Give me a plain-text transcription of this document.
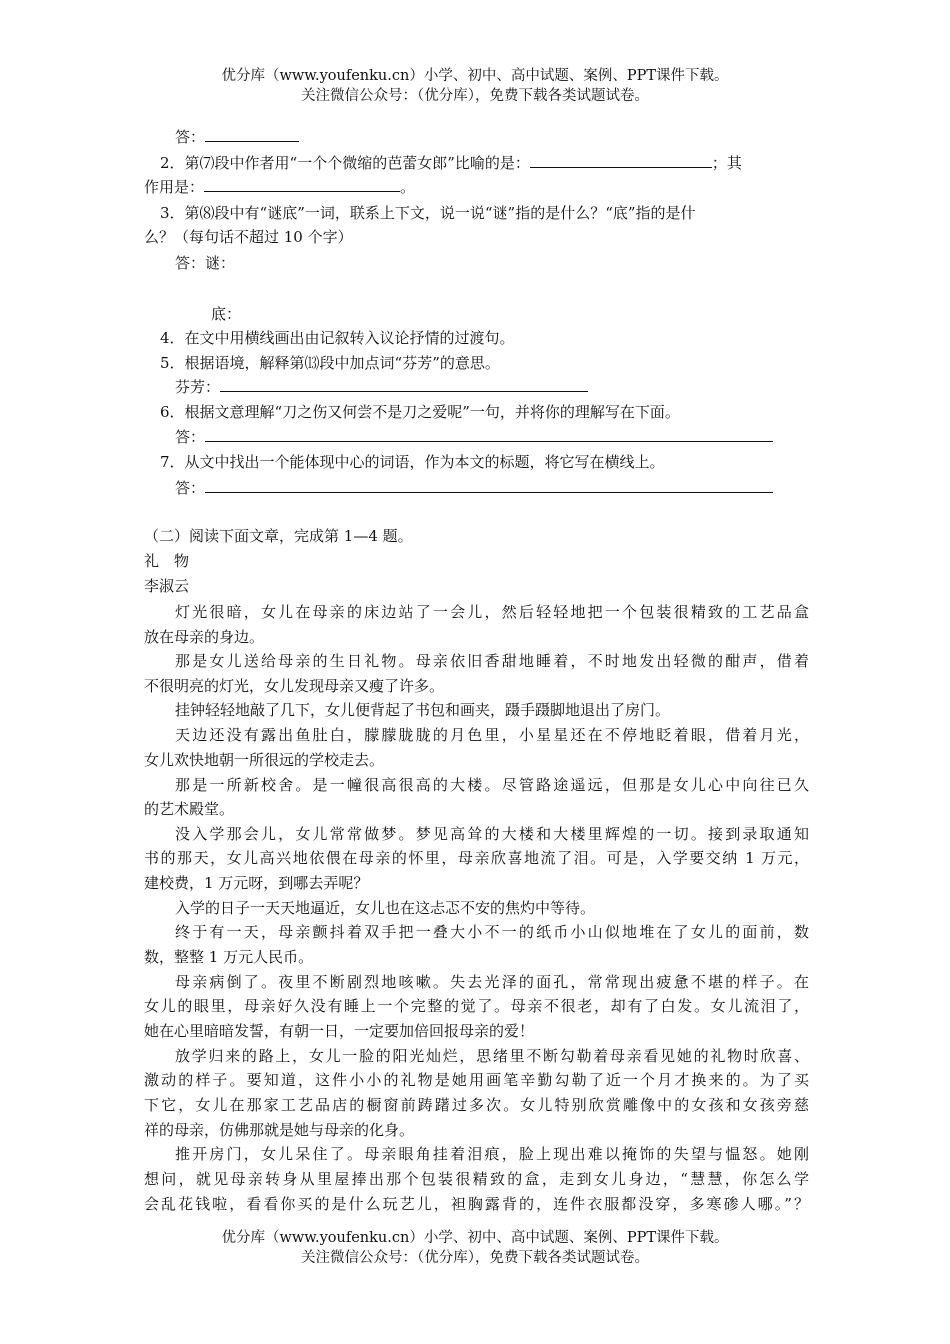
优分库（www.youfenku.cn）小学、初中、高中试题、案例、PPT课件下载。
关注微信公众号：（优分库），免费下载各类试题试卷。
答：
2．第⑺段中作者用“一个个微缩的芭蕾女郎”比喻的是：	；其
作用是：	。
3．第⑻段中有“谜底”一词，联系上下文，说一说“谜”指的是什么？“底”指的是什
么？（每句话不超过 10 个字）
答：谜：
底：
4．在文中用横线画出由记叙转入议论抒情的过渡句。
5．根据语境，解释第⒀段中加点词“芬芳”的意思。
芬芳：
6．根据文意理解“刀之伤又何尝不是刀之爱呢”一句，并将你的理解写在下面。
答：
7．从文中找出一个能体现中心的词语，作为本文的标题，将它写在横线上。
答：
（二）阅读下面文章，完成第 1—4 题。
礼　物
李淑云
灯光很暗，女儿在母亲的床边站了一会儿，然后轻轻地把一个包装很精致的工艺品盒
放在母亲的身边。
那是女儿送给母亲的生日礼物。母亲依旧香甜地睡着，不时地发出轻微的酣声，借着
不很明亮的灯光，女儿发现母亲又瘦了许多。
挂钟轻轻地敲了几下，女儿便背起了书包和画夹，蹑手蹑脚地退出了房门。
天边还没有露出鱼肚白，朦朦胧胧的月色里，小星星还在不停地眨着眼，借着月光，
女儿欢快地朝一所很远的学校走去。
那是一所新校舍。是一幢很高很高的大楼。尽管路途遥远，但那是女儿心中向往已久
的艺术殿堂。
没入学那会儿，女儿常常做梦。梦见高耸的大楼和大楼里辉煌的一切。接到录取通知
书的那天，女儿高兴地依偎在母亲的怀里，母亲欣喜地流了泪。可是，入学要交纳 1 万元，
建校费，1 万元呀，到哪去弄呢？
入学的日子一天天地逼近，女儿也在这忐忑不安的焦灼中等待。
终于有一天，母亲颤抖着双手把一叠大小不一的纸币小山似地堆在了女儿的面前，数
数，整整 1 万元人民币。
母亲病倒了。夜里不断剧烈地咳嗽。失去光泽的面孔，常常现出疲惫不堪的样子。在
女儿的眼里，母亲好久没有睡上一个完整的觉了。母亲不很老，却有了白发。女儿流泪了，
她在心里暗暗发誓，有朝一日，一定要加倍回报母亲的爱！
放学归来的路上，女儿一脸的阳光灿烂，思绪里不断勾勒着母亲看见她的礼物时欣喜、
激动的样子。要知道，这件小小的礼物是她用画笔辛勤勾勒了近一个月才换来的。为了买
下它，女儿在那家工艺品店的橱窗前踌躇过多次。女儿特别欣赏雕像中的女孩和女孩旁慈
祥的母亲，仿佛那就是她与母亲的化身。
推开房门，女儿呆住了。母亲眼角挂着泪痕，脸上现出难以掩饰的失望与愠怒。她刚
想问，就见母亲转身从里屋捧出那个包装很精致的盒，走到女儿身边，“慧慧，你怎么学
会乱花钱啦，看看你买的是什么玩艺儿，袒胸露背的，连件衣服都没穿，多寒碜人哪。”？
优分库（www.youfenku.cn）小学、初中、高中试题、案例、PPT课件下载。
关注微信公众号：（优分库），免费下载各类试题试卷。
